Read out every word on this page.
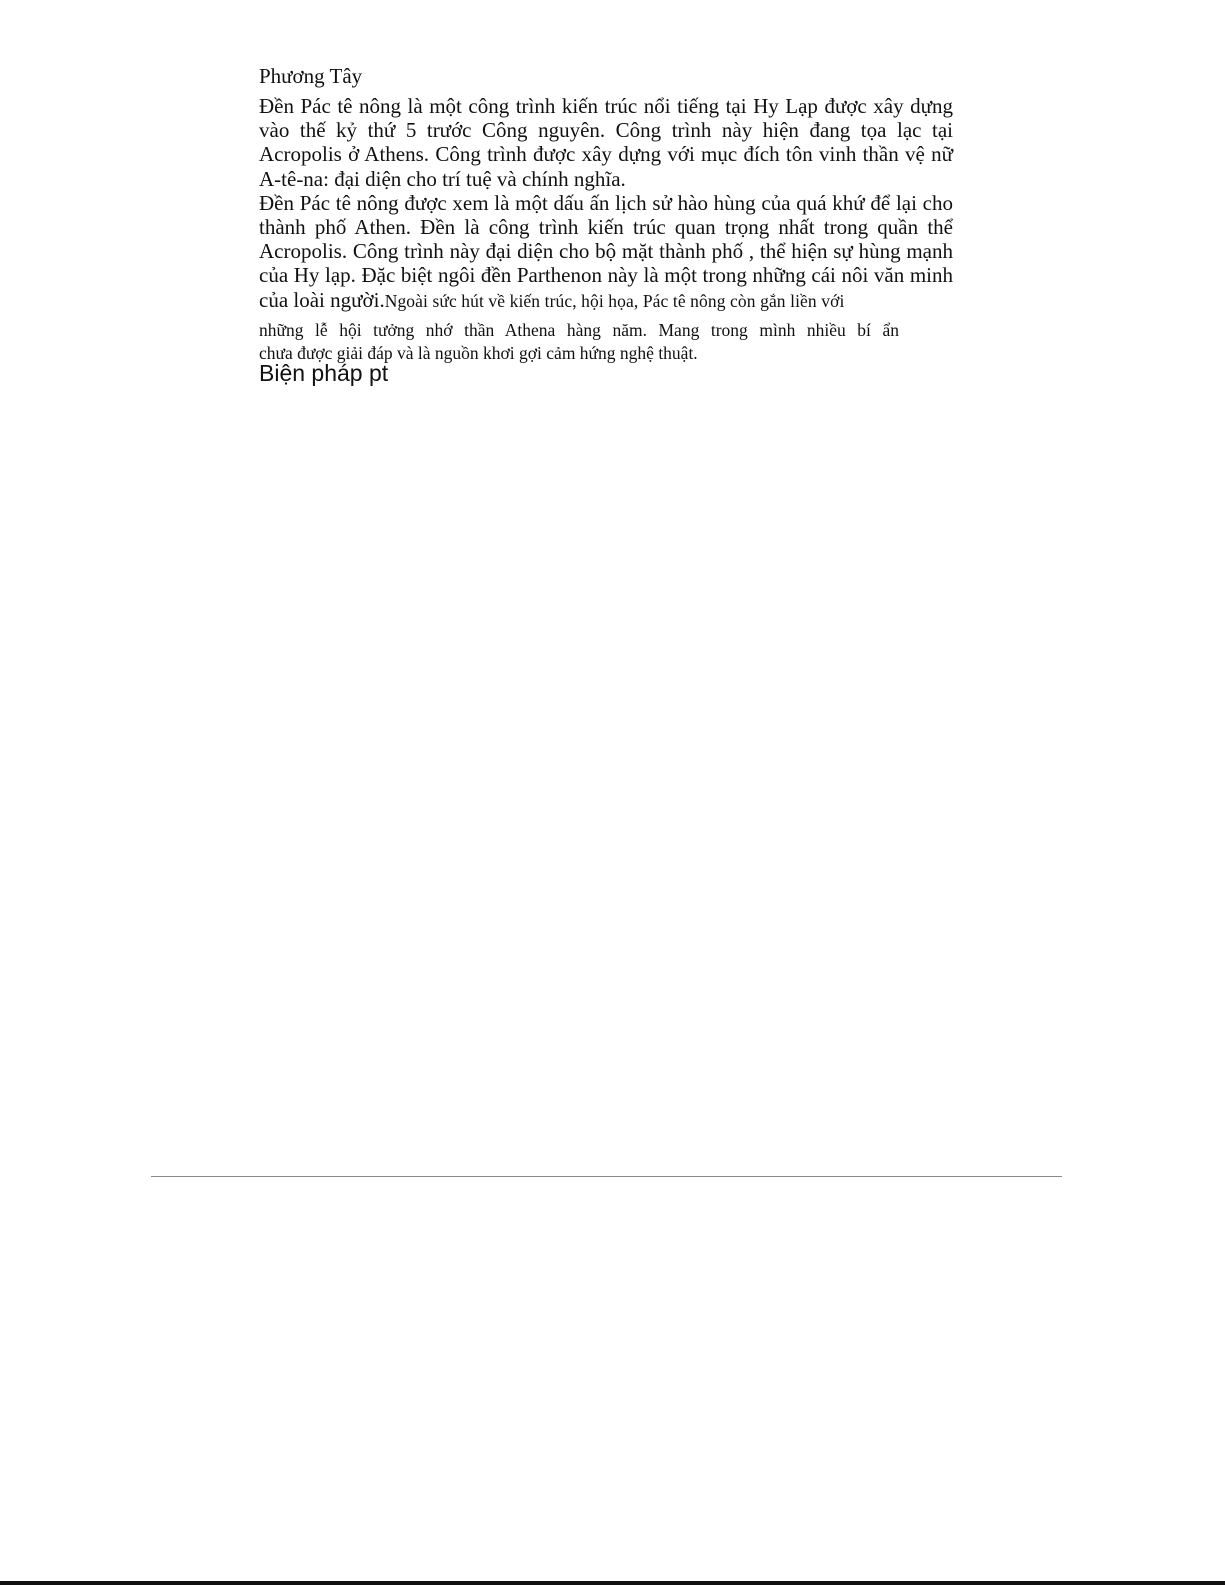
Phương Tây

Đền Pác tê nông là một công trình kiến trúc nổi tiếng tại Hy Lạp được xây dựng vào thế kỷ thứ 5 trước Công nguyên. Công trình này hiện đang tọa lạc tại Acropolis ở Athens. Công trình được xây dựng với mục đích tôn vinh thần vệ nữ A-tê-na: đại diện cho trí tuệ và chính nghĩa.

Đền Pác tê nông được xem là một dấu ấn lịch sử hào hùng của quá khứ để lại cho thành phố Athen. Đền là công trình kiến trúc quan trọng nhất trong quần thể Acropolis. Công trình này đại diện cho bộ mặt thành phố , thể hiện sự hùng mạnh của Hy lạp. Đặc biệt ngôi đền Parthenon này là một trong những cái nôi văn minh của loài người.Ngoài sức hút về kiến trúc, hội họa, Pác tê nông còn gắn liền với

những lễ hội tưởng nhớ thần Athena hàng năm. Mang trong mình nhiều bí ẩn

chưa được giải đáp và là nguồn khơi gợi cảm hứng nghệ thuật.

Biện pháp pt
